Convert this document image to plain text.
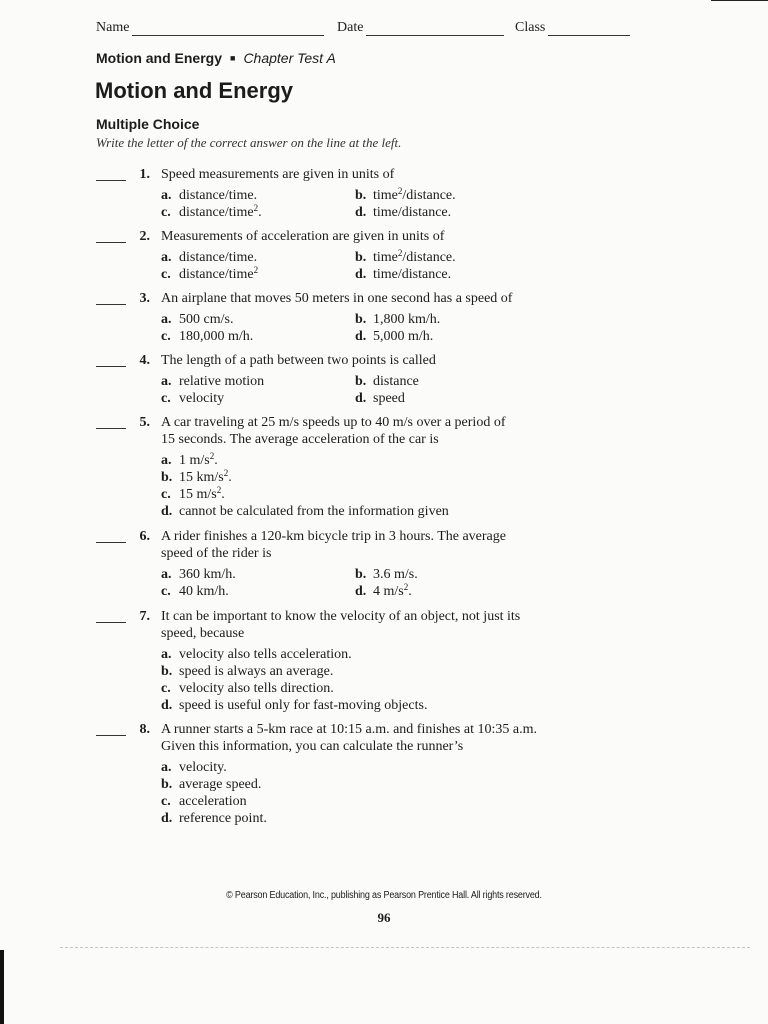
Name	Date	Class
Motion and Energy ■ Chapter Test A
Motion and Energy
Multiple Choice
Write the letter of the correct answer on the line at the left.
1. Speed measurements are given in units of
a. distance/time.	b. time$^2$/distance.
c. distance/time$^2$.	d. time/distance.
2. Measurements of acceleration are given in units of
a. distance/time.	b. time$^2$/distance.
c. distance/time$^2$	d. time/distance.
3. An airplane that moves 50 meters in one second has a speed of
a. 500 cm/s.	b. 1,800 km/h.
c. 180,000 m/h.	d. 5,000 m/h.
4. The length of a path between two points is called
a. relative motion	b. distance
c. velocity	d. speed
5. A car traveling at 25 m/s speeds up to 40 m/s over a period of
15 seconds. The average acceleration of the car is
a. 1 $m/s^2$.
b. 15 $km/s^2$.
c. 15 $m/s^2$.
d. cannot be calculated from the information given
6. A rider finishes a 120-km bicycle trip in 3 hours. The average
speed of the rider is
a. 360 km/h.	b. 3.6 m/s.
c. 40 km/h.	d. 4 $m/s^2$.
7. It can be important to know the velocity of an object, not just its
speed, because
a. velocity also tells acceleration.
b. speed is always an average.
c. velocity also tells direction.
d. speed is useful only for fast-moving objects.
8. A runner starts a 5-km race at 10:15 a.m. and finishes at 10:35 a.m.
Given this information, you can calculate the runner’s
a. velocity.
b. average speed.
c. acceleration
d. reference point.
© Pearson Education, Inc., publishing as Pearson Prentice Hall. All rights reserved.
96
